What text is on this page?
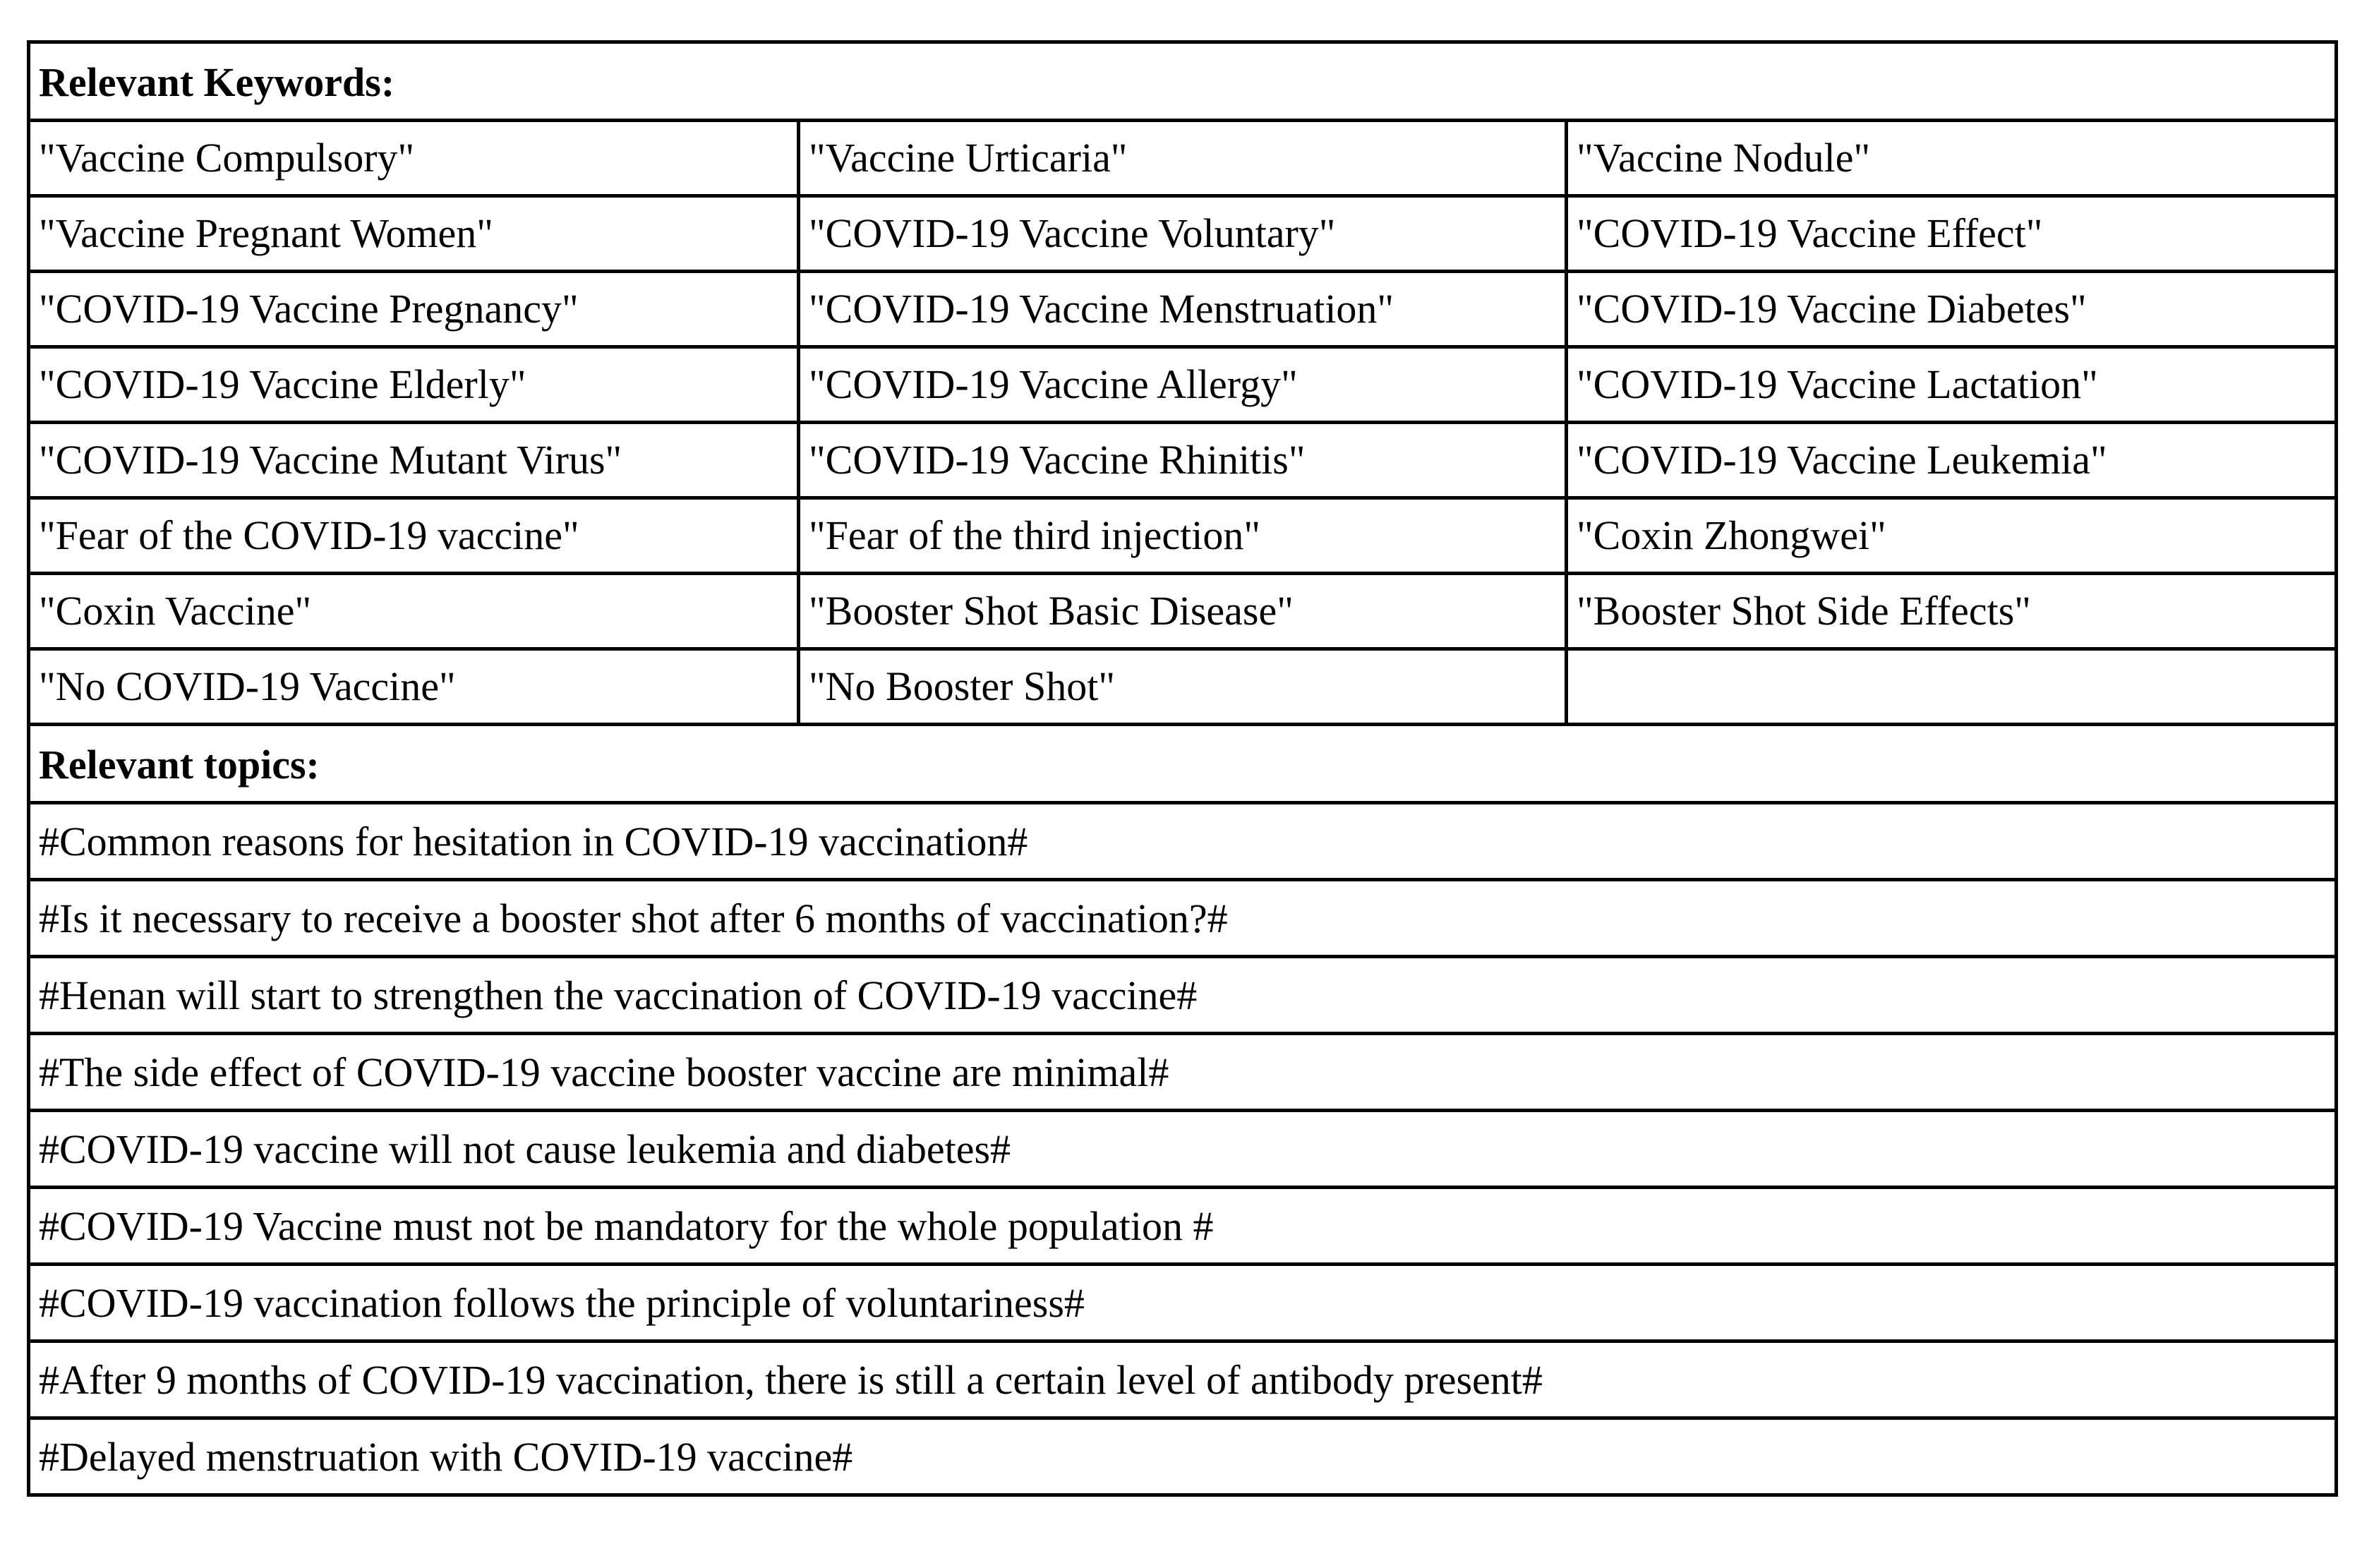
Relevant Keywords:		
"Vaccine Compulsory"	"Vaccine Urticaria"	"Vaccine Nodule"
"Vaccine Pregnant Women"	"COVID-19 Vaccine Voluntary"	"COVID-19 Vaccine Effect"
"COVID-19 Vaccine Pregnancy"	"COVID-19 Vaccine Menstruation"	"COVID-19 Vaccine Diabetes"
"COVID-19 Vaccine Elderly"	"COVID-19 Vaccine Allergy"	"COVID-19 Vaccine Lactation"
"COVID-19 Vaccine Mutant Virus"	"COVID-19 Vaccine Rhinitis"	"COVID-19 Vaccine Leukemia"
"Fear of the COVID-19 vaccine"	"Fear of the third injection"	"Coxin Zhongwei"
"Coxin Vaccine"	"Booster Shot Basic Disease"	"Booster Shot Side Effects"
"No COVID-19 Vaccine"	"No Booster Shot"	
Relevant topics:		
#Common reasons for hesitation in COVID-19 vaccination#		
#Is it necessary to receive a booster shot after 6 months of vaccination?#		
#Henan will start to strengthen the vaccination of COVID-19 vaccine#		
#The side effect of COVID-19 vaccine booster vaccine are minimal#		
#COVID-19 vaccine will not cause leukemia and diabetes#		
#COVID-19 Vaccine must not be mandatory for the whole population #		
#COVID-19 vaccination follows the principle of voluntariness#		
#After 9 months of COVID-19 vaccination, there is still a certain level of antibody present#		
#Delayed menstruation with COVID-19 vaccine#		
